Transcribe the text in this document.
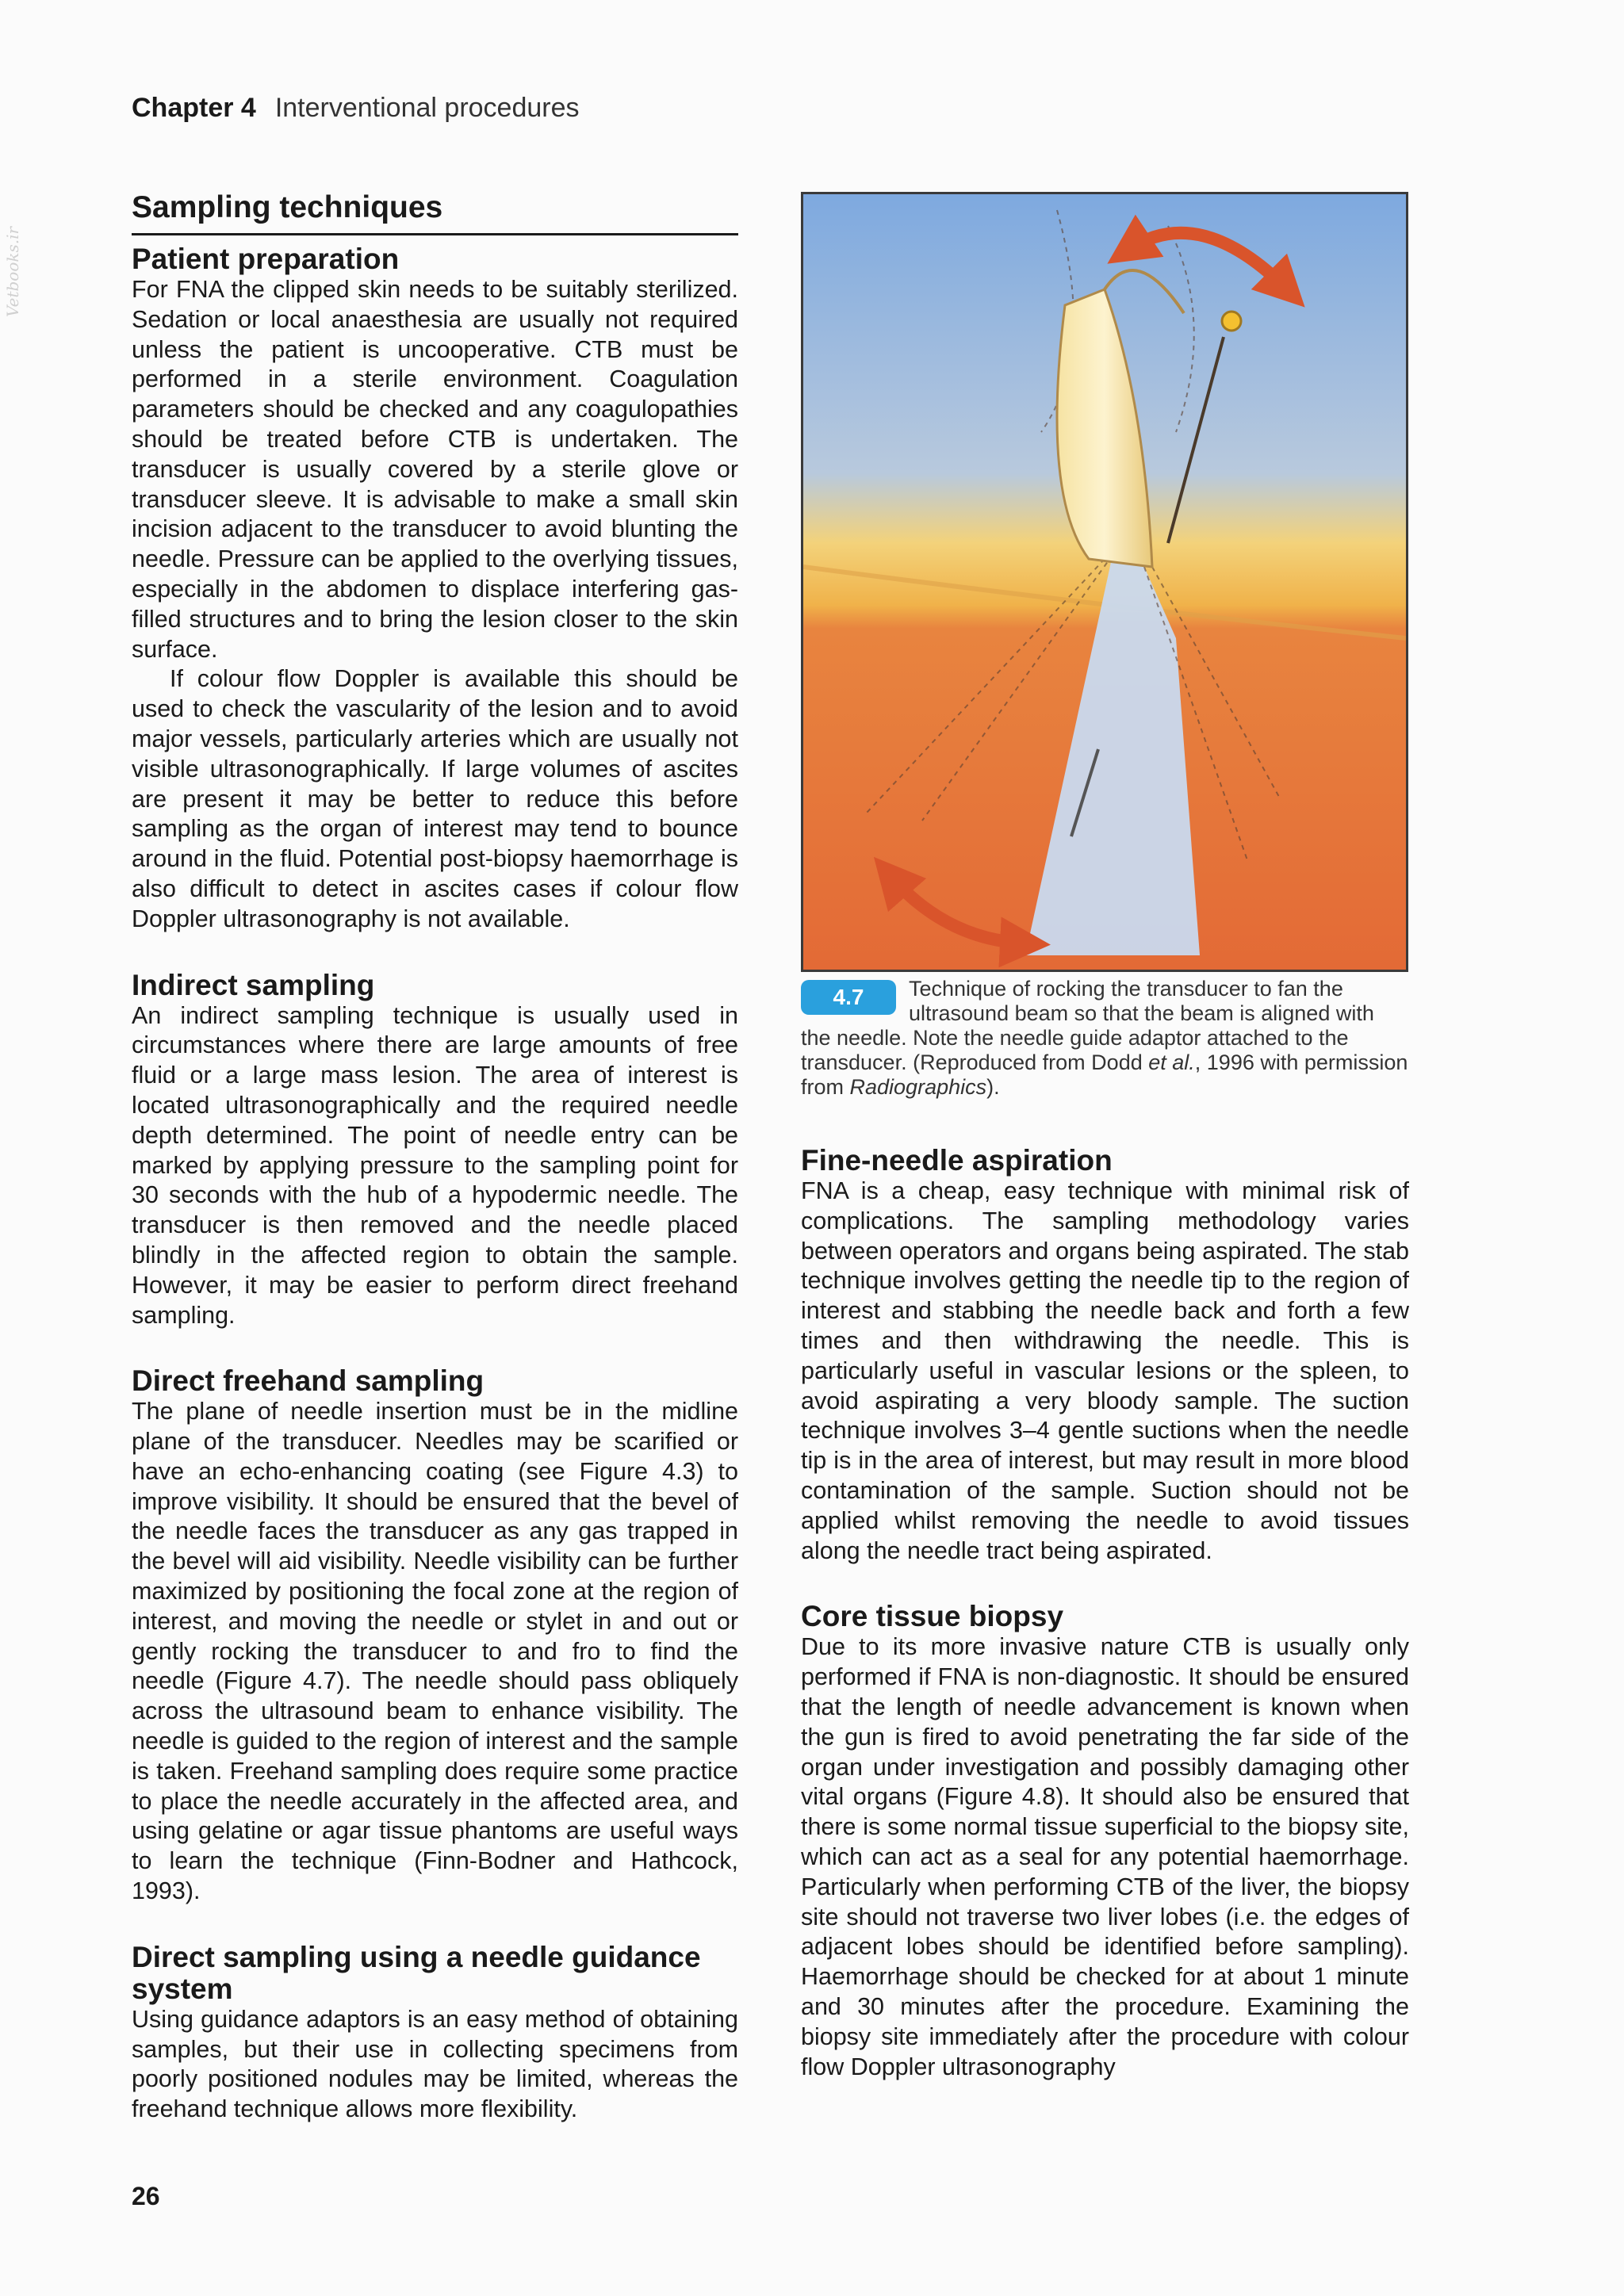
Chapter 4 Interventional procedures
Vetbooks.ir
Sampling techniques
Patient preparation

For FNA the clipped skin needs to be suitably sterilized. Sedation or local anaesthesia are usually not required unless the patient is uncooperative. CTB must be performed in a sterile environment. Coagulation parameters should be checked and any coagulopathies should be treated before CTB is undertaken. The transducer is usually covered by a sterile glove or transducer sleeve. It is advisable to make a small skin incision adjacent to the transducer to avoid blunting the needle. Pressure can be applied to the overlying tissues, especially in the abdomen to displace interfering gas-filled structures and to bring the lesion closer to the skin surface.

If colour flow Doppler is available this should be used to check the vascularity of the lesion and to avoid major vessels, particularly arteries which are usually not visible ultrasonographically. If large volumes of ascites are present it may be better to reduce this before sampling as the organ of interest may tend to bounce around in the fluid. Potential post-biopsy haemorrhage is also difficult to detect in ascites cases if colour flow Doppler ultrasonography is not available.

Indirect sampling

An indirect sampling technique is usually used in circumstances where there are large amounts of free fluid or a large mass lesion. The area of interest is located ultrasonographically and the required needle depth determined. The point of needle entry can be marked by applying pressure to the sampling point for 30 seconds with the hub of a hypodermic needle. The transducer is then removed and the needle placed blindly in the affected region to obtain the sample. However, it may be easier to perform direct freehand sampling.

Direct freehand sampling

The plane of needle insertion must be in the midline plane of the transducer. Needles may be scarified or have an echo-enhancing coating (see Figure 4.3) to improve visibility. It should be ensured that the bevel of the needle faces the transducer as any gas trapped in the bevel will aid visibility. Needle visibility can be further maximized by positioning the focal zone at the region of interest, and moving the needle or stylet in and out or gently rocking the transducer to and fro to find the needle (Figure 4.7). The needle should pass obliquely across the ultrasound beam to enhance visibility. The needle is guided to the region of interest and the sample is taken. Freehand sampling does require some practice to place the needle accurately in the affected area, and using gelatine or agar tissue phantoms are useful ways to learn the technique (Finn-Bodner and Hathcock, 1993).

Direct sampling using a needle guidance system

Using guidance adaptors is an easy method of obtaining samples, but their use in collecting specimens from poorly positioned nodules may be limited, whereas the freehand technique allows more flexibility.

4.7	Technique of rocking the transducer to fan the ultrasound beam so that the beam is aligned with the needle. Note the needle guide adaptor attached to the transducer. (Reproduced from Dodd et al., 1996 with permission from Radiographics).
Fine-needle aspiration

FNA is a cheap, easy technique with minimal risk of complications. The sampling methodology varies between operators and organs being aspirated. The stab technique involves getting the needle tip to the region of interest and stabbing the needle back and forth a few times and then withdrawing the needle. This is particularly useful in vascular lesions or the spleen, to avoid aspirating a very bloody sample. The suction technique involves 3–4 gentle suctions when the needle tip is in the area of interest, but may result in more blood contamination of the sample. Suction should not be applied whilst removing the needle to avoid tissues along the needle tract being aspirated.

Core tissue biopsy

Due to its more invasive nature CTB is usually only performed if FNA is non-diagnostic. It should be ensured that the length of needle advancement is known when the gun is fired to avoid penetrating the far side of the organ under investigation and possibly damaging other vital organs (Figure 4.8). It should also be ensured that there is some normal tissue superficial to the biopsy site, which can act as a seal for any potential haemorrhage. Particularly when performing CTB of the liver, the biopsy site should not traverse two liver lobes (i.e. the edges of adjacent lobes should be identified before sampling). Haemorrhage should be checked for at about 1 minute and 30 minutes after the procedure. Examining the biopsy site immediately after the procedure with colour flow Doppler ultrasonography

26
